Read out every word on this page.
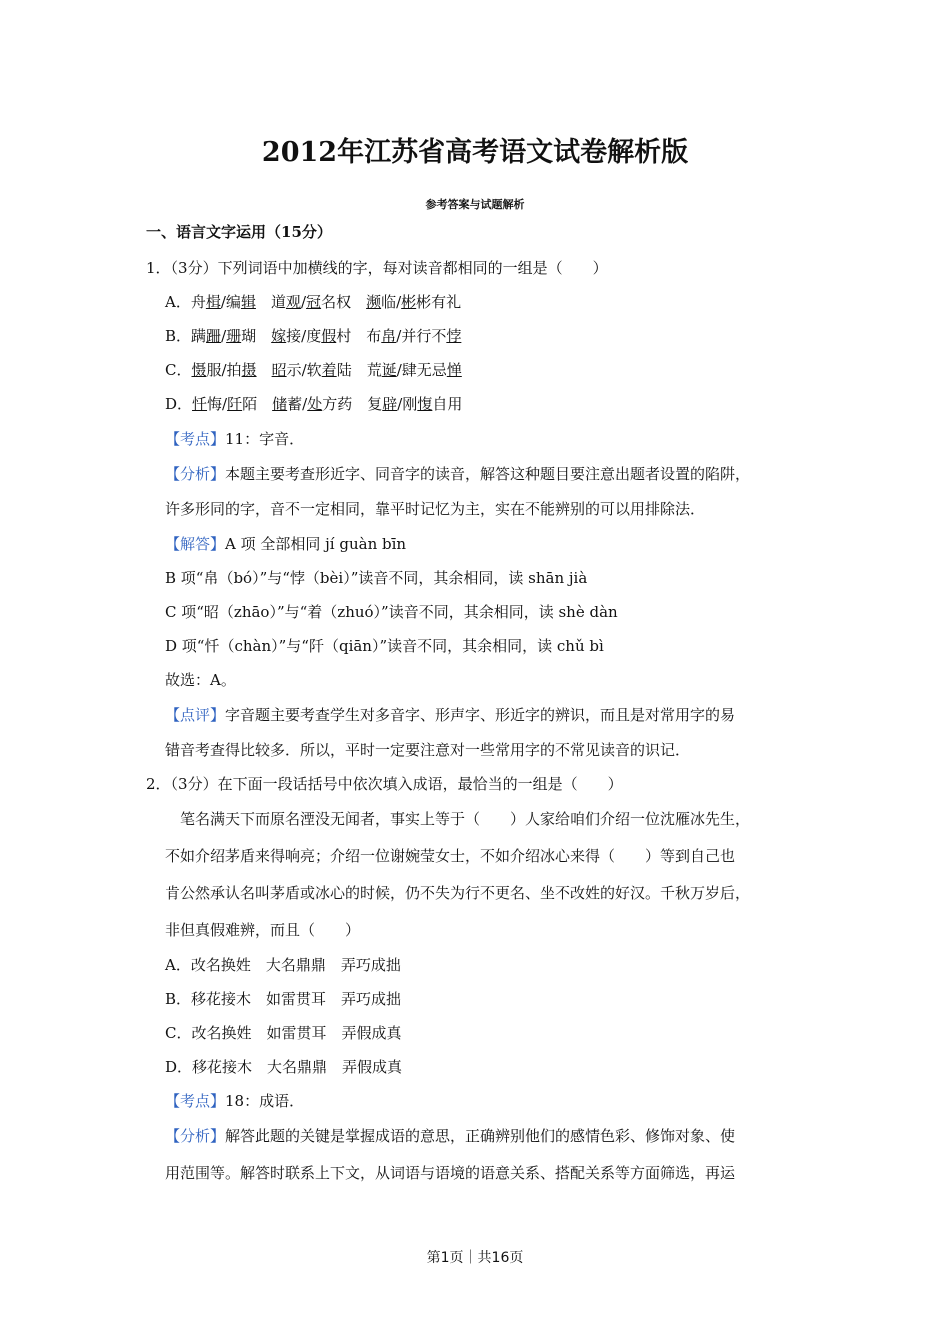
2012年江苏省高考语文试卷解析版
参考答案与试题解析
一、语言文字运用（15分）
1．（3分）下列词语中加横线的字，每对读音都相同的一组是（　　）
A．舟楫/编辑　道观/冠名权　濒临/彬彬有礼
B．蹒跚/珊瑚　嫁接/度假村　布帛/并行不悖
C．慑服/拍摄　 昭示/软着陆　荒诞/肆无忌惮
D．忏悔/阡陌　储蓄/处方药　复辟/刚愎自用
【考点】11：字音．
【分析】本题主要考查形近字、同音字的读音，解答这种题目要注意出题者设置的陷阱，
许多形同的字，音不一定相同，靠平时记忆为主，实在不能辨别的可以用排除法．
【解答】A 项 全部相同 jí guàn bīn
B 项“帛（bó）”与“悖（bèi）”读音不同，其余相同，读 shān jià
C 项“昭（zhāo）”与“着（zhuó）”读音不同，其余相同，读 shè dàn
D 项“忏（chàn）”与“阡（qiān）”读音不同，其余相同，读 chǔ bì
故选：A。
【点评】字音题主要考查学生对多音字、形声字、形近字的辨识，而且是对常用字的易
错音考查得比较多．所以，平时一定要注意对一些常用字的不常见读音的识记．
2．（3分）在下面一段话括号中依次填入成语，最恰当的一组是（　　）
　笔名满天下而原名湮没无闻者，事实上等于（　　）人家给咱们介绍一位沈雁冰先生，
不如介绍茅盾来得响亮；介绍一位谢婉莹女士，不如介绍冰心来得（　　）等到自己也
肯公然承认名叫茅盾或冰心的时候，仍不失为行不更名、坐不改姓的好汉。千秋万岁后，
非但真假难辨，而且（　　）
A．改名换姓　大名鼎鼎　弄巧成拙
B．移花接木　如雷贯耳　弄巧成拙
C．改名换姓　如雷贯耳　弄假成真
D．移花接木　大名鼎鼎　弄假成真
【考点】18：成语．
【分析】解答此题的关键是掌握成语的意思，正确辨别他们的感情色彩、修饰对象、使
用范围等。解答时联系上下文，从词语与语境的语意关系、搭配关系等方面筛选，再运
第1页｜共16页
